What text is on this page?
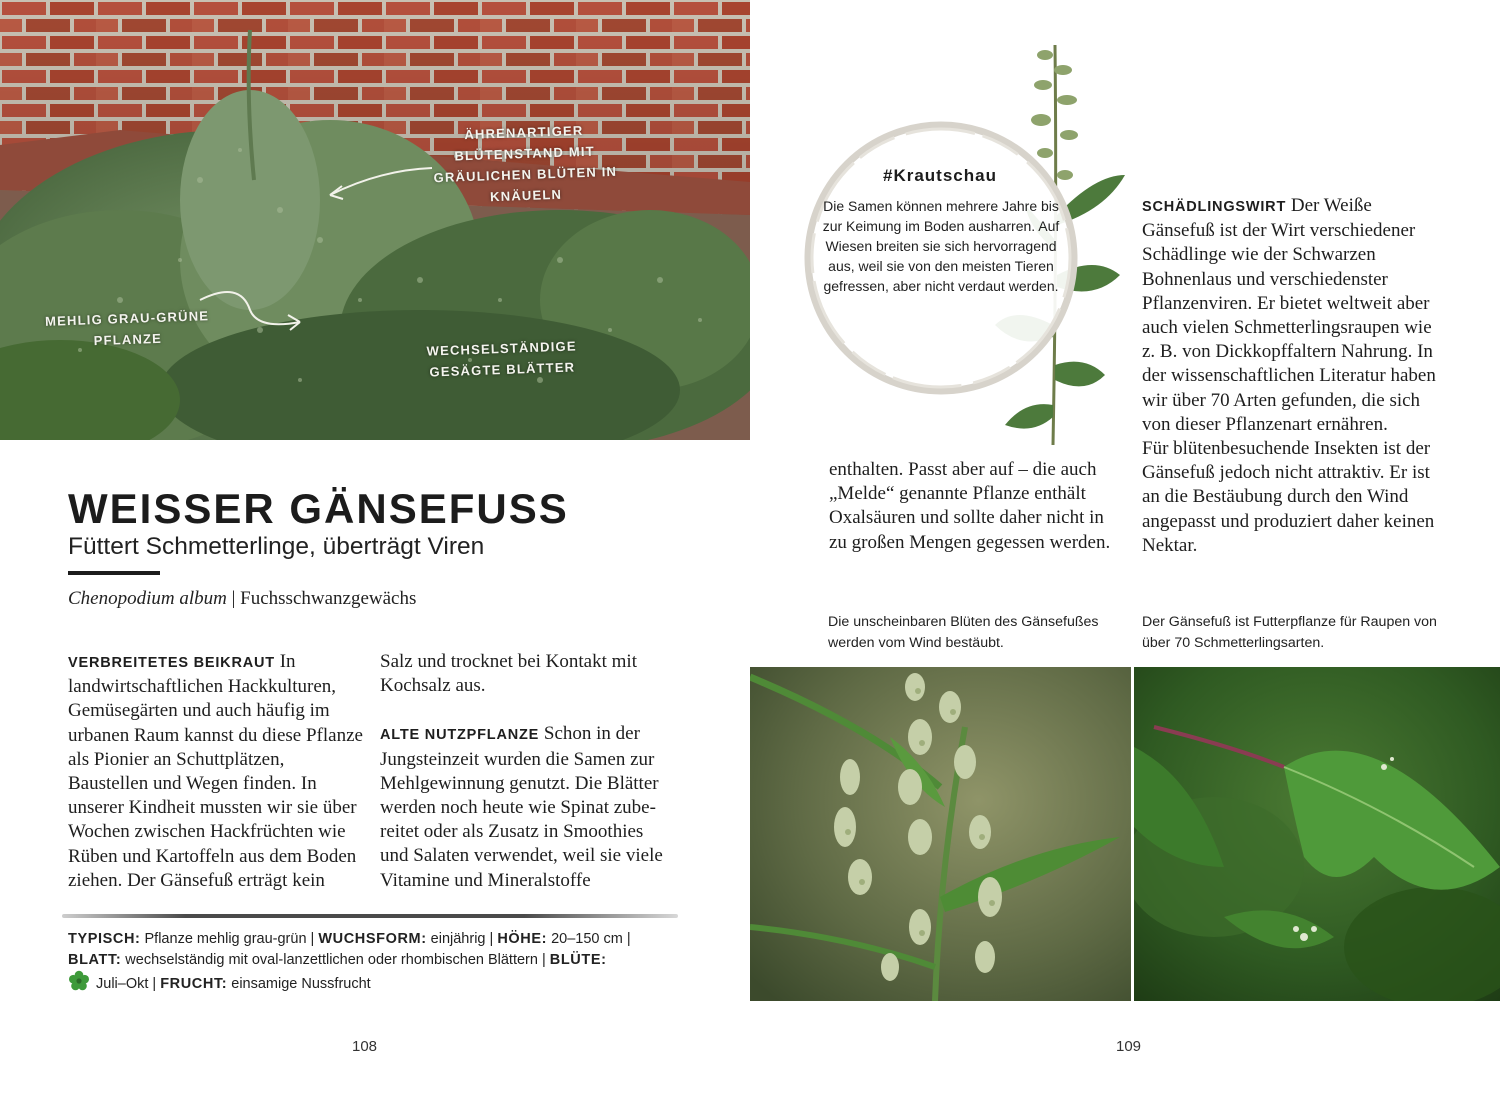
ÄHRENARTIGER BLÜTENSTAND MIT GRÄULICHEN BLÜTEN IN KNÄUELN
MEHLIG GRAU-GRÜNE PFLANZE	WECHSELSTÄNDIGE GESÄGTE BLÄTTER
WEISSER GÄNSEFUSS
Füttert Schmetterlinge, überträgt Viren
Chenopodium album | Fuchsschwanzgewächs
VERBREITETES BEIKRAUT In landwirtschaftlichen Hackkulturen, Gemüsegärten und auch häufig im urbanen Raum kannst du diese Pflanze als Pionier an Schuttplätzen, Baustellen und Wegen finden. In unserer Kindheit mussten wir sie über Wochen zwischen Hackfrüchten wie Rüben und Kartoffeln aus dem Boden ziehen. Der Gänsefuß erträgt kein
Salz und trocknet bei Kontakt mit Kochsalz aus.
ALTE NUTZPFLANZE Schon in der Jungsteinzeit wurden die Samen zur Mehlgewinnung genutzt. Die Blätter werden noch heute wie Spinat zubereitet oder als Zusatz in Smoothies und Salaten verwendet, weil sie viele Vitamine und Mineralstoffe
TYPISCH: Pflanze mehlig grau-grün | WUCHSFORM: einjährig | HÖHE: 20–150 cm |
BLATT: wechselständig mit oval-lanzettlichen oder rhombischen Blättern | BLÜTE:
Juli–Okt | FRUCHT: einsamige Nussfrucht
108
#Krautschau
Die Samen können mehrere Jahre bis zur Keimung im Boden ausharren. Auf Wiesen breiten sie sich hervorragend aus, weil sie von den meisten Tieren gefressen, aber nicht verdaut werden.
enthalten. Passt aber auf – die auch „Melde“ genannte Pflanze enthält Oxalsäuren und sollte daher nicht in zu großen Mengen gegessen werden.
SCHÄDLINGSWIRT Der Weiße Gänsefuß ist der Wirt verschiedener Schädlinge wie der Schwarzen Bohnenlaus und verschiedenster Pflanzenviren. Er bietet weltweit aber auch vielen Schmetterlingsraupen wie z. B. von Dickkopffaltern Nahrung. In der wissenschaftlichen Literatur haben wir über 70 Arten gefunden, die sich von dieser Pflanzenart ernähren.
Für blütenbesuchende Insekten ist der Gänsefuß jedoch nicht attraktiv. Er ist an die Bestäubung durch den Wind angepasst und produziert daher keinen Nektar.
Die unscheinbaren Blüten des Gänsefußes werden vom Wind bestäubt.
Der Gänsefuß ist Futterpflanze für Raupen von über 70 Schmetterlingsarten.
109
